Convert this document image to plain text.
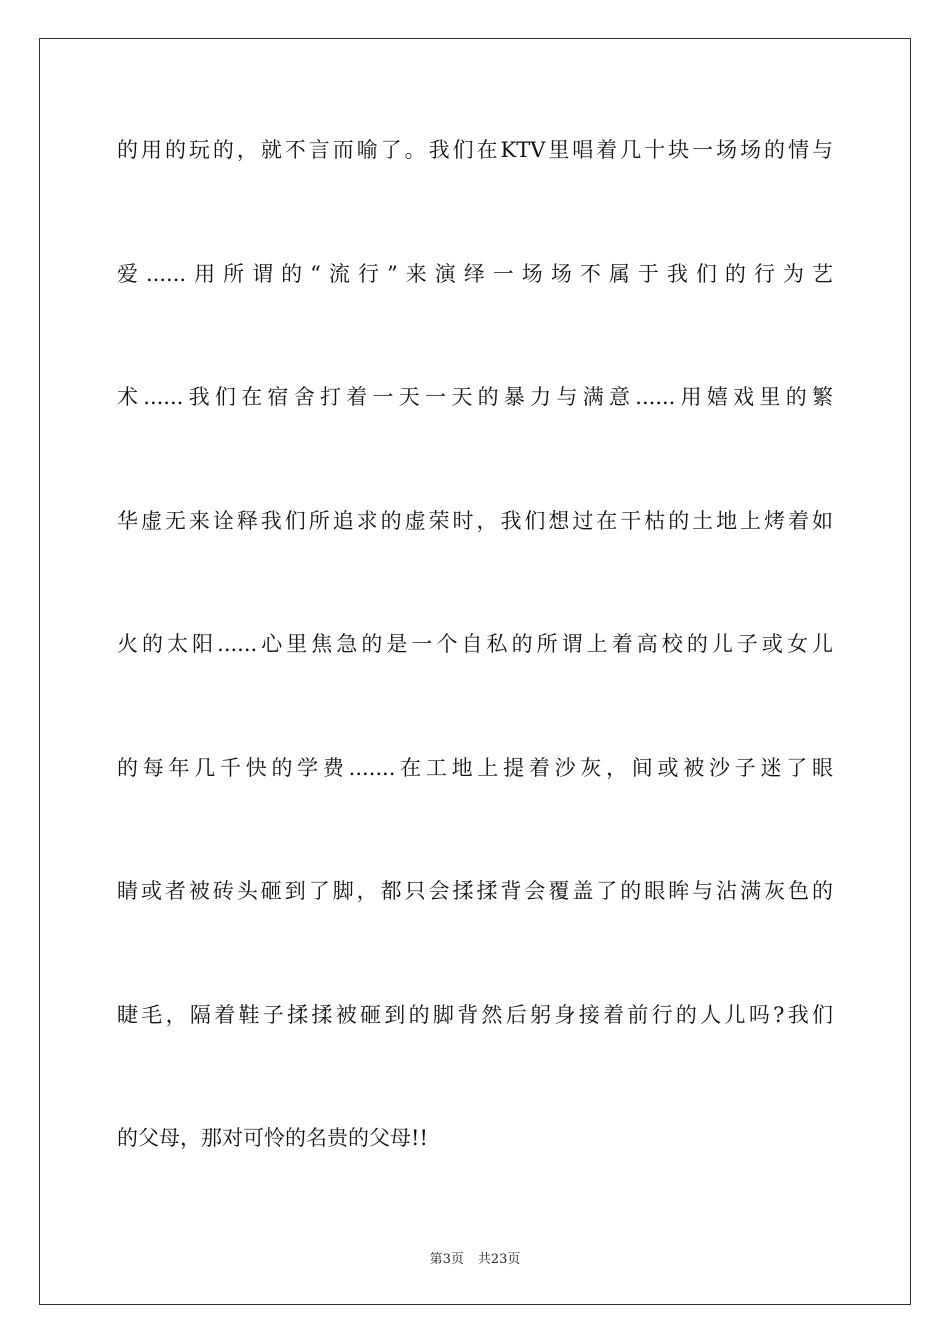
的用的玩的，就不言而喻了。我们在KTV里唱着几十块一场场的情与
爱......用所谓的“流行”来演绎一场场不属于我们的行为艺
术......我们在宿舍打着一天一天的暴力与满意......用嬉戏里的繁
华虚无来诠释我们所追求的虚荣时，我们想过在干枯的土地上烤着如
火的太阳......心里焦急的是一个自私的所谓上着高校的儿子或女儿
的每年几千快的学费.......在工地上提着沙灰，间或被沙子迷了眼
睛或者被砖头砸到了脚，都只会揉揉背会覆盖了的眼眸与沾满灰色的
睫毛，隔着鞋子揉揉被砸到的脚背然后躬身接着前行的人儿吗?我们
的父母，那对可怜的名贵的父母!!
第3页 共23页
